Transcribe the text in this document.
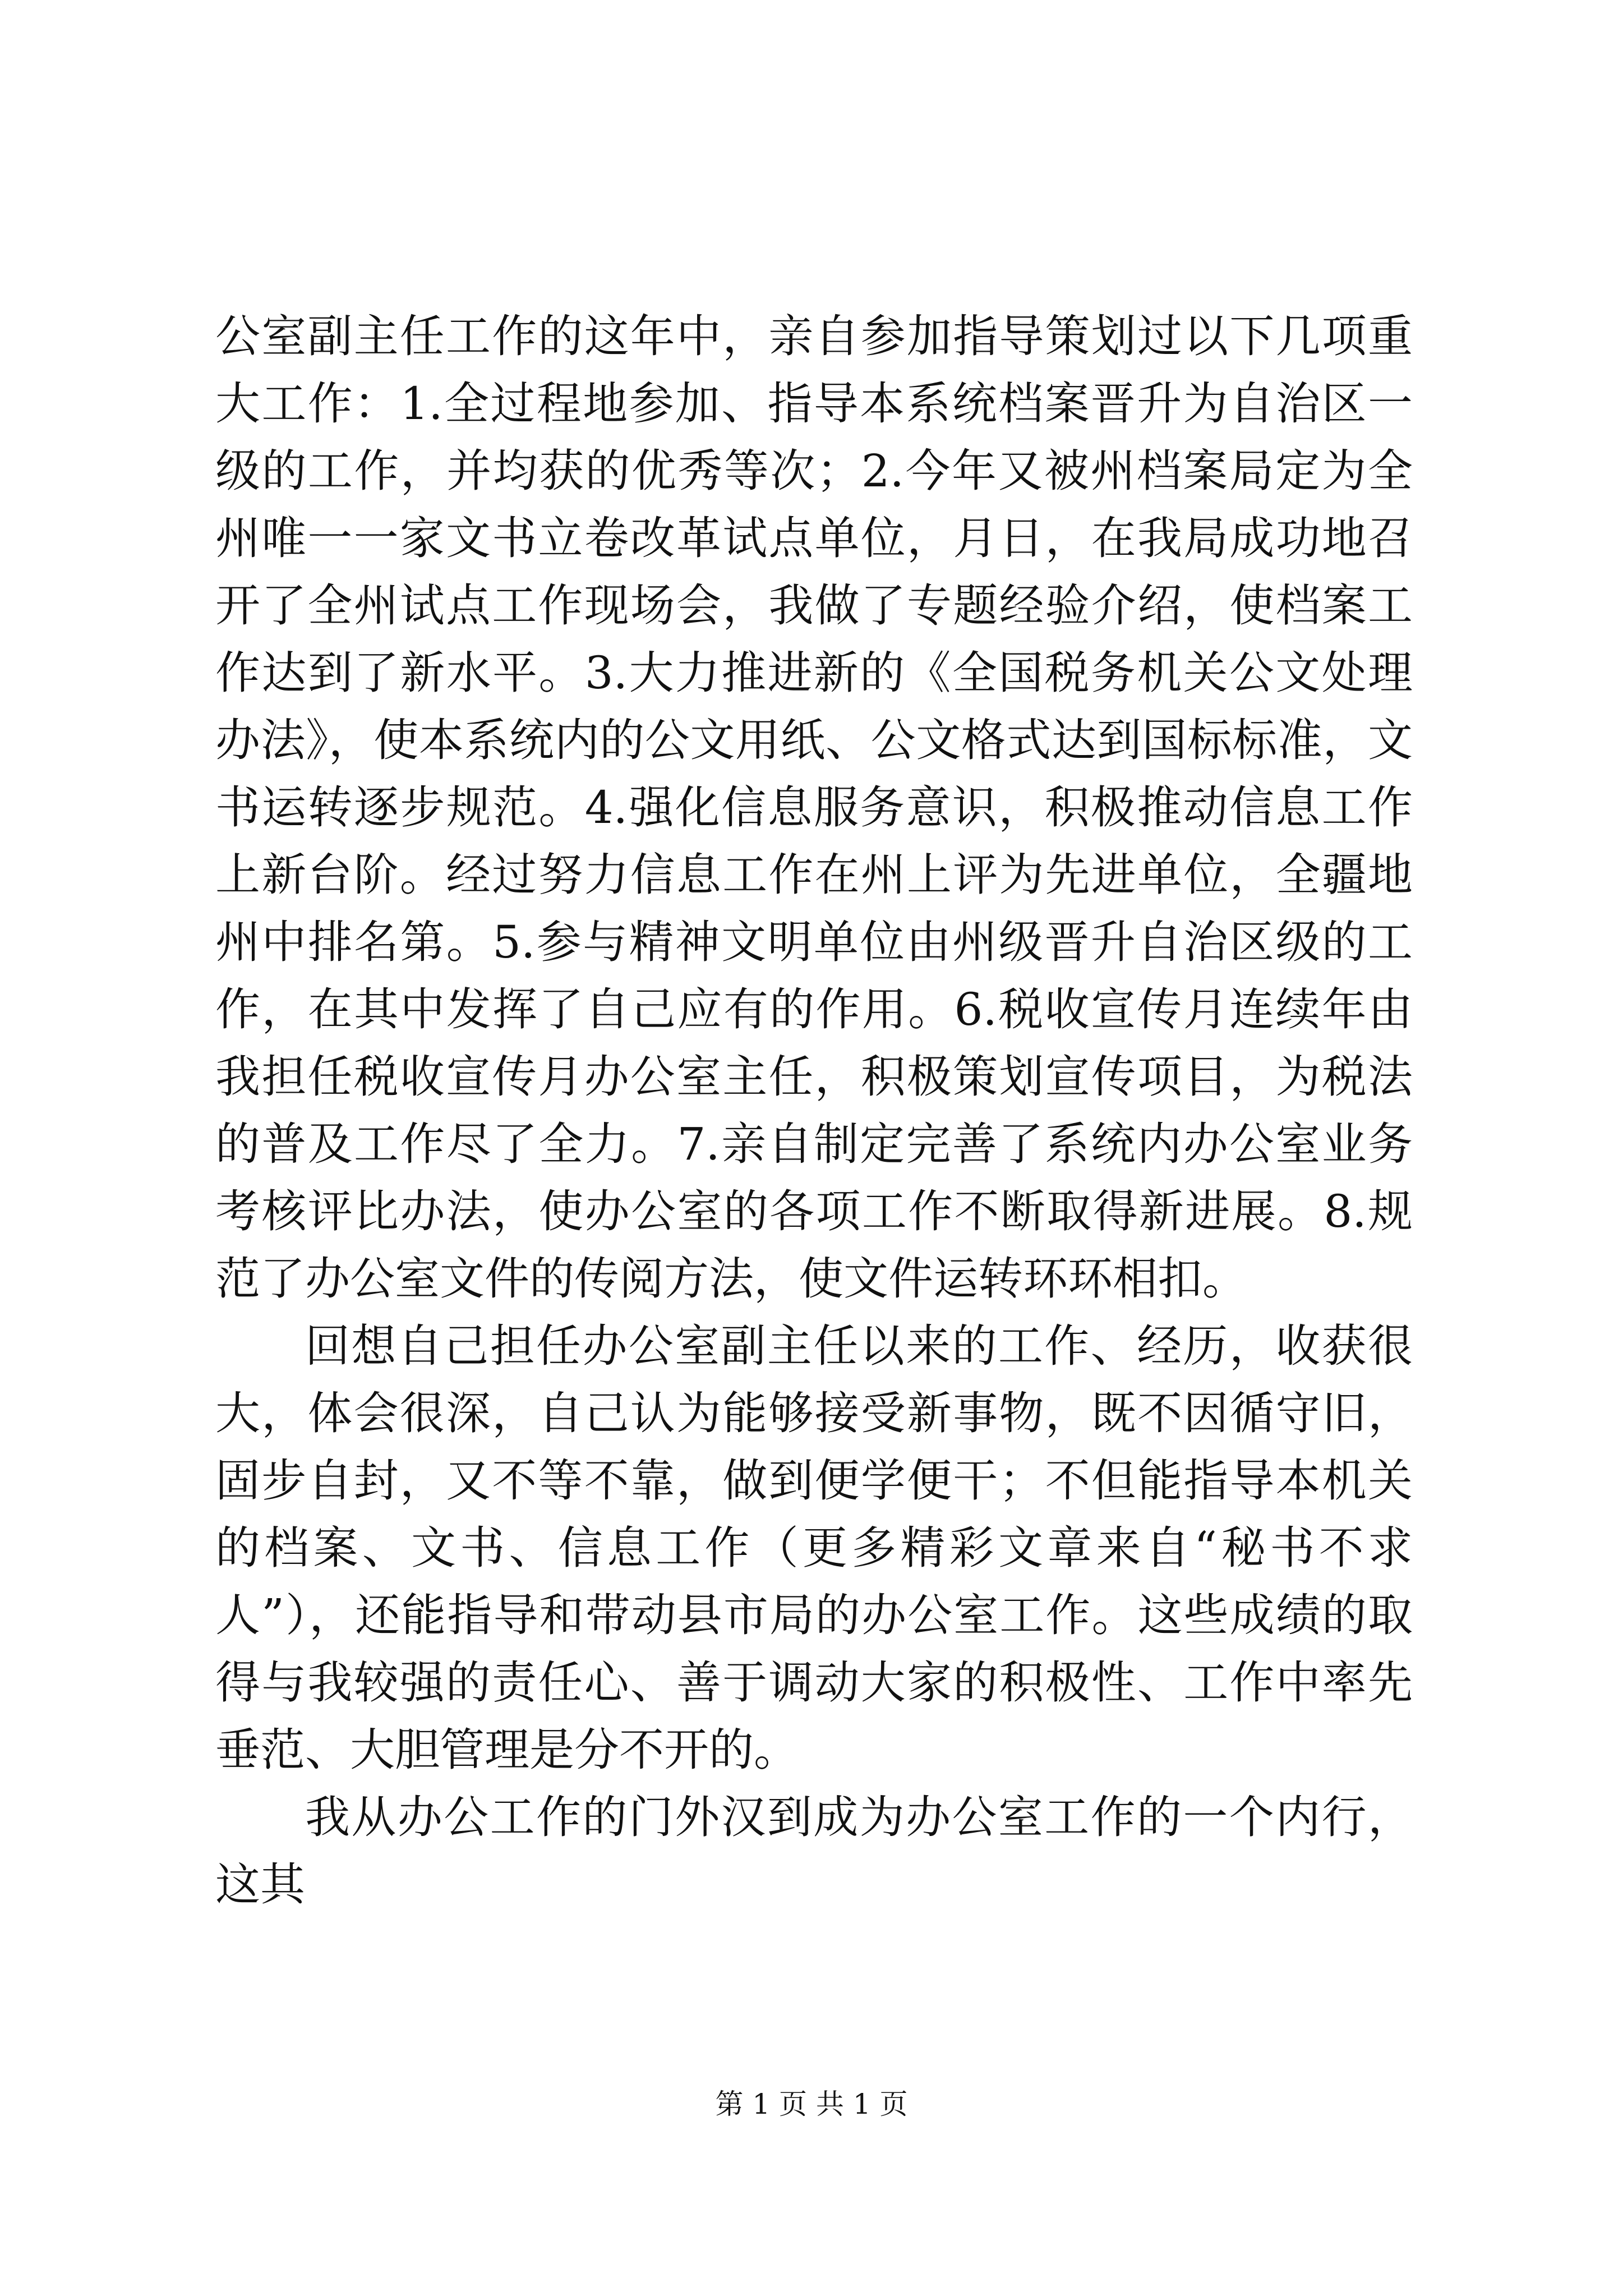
公室副主任工作的这年中，亲自参加指导策划过以下几项重大工作：1.全过程地参加、指导本系统档案晋升为自治区一级的工作，并均获的优秀等次；2.今年又被州档案局定为全州唯一一家文书立卷改革试点单位，月日，在我局成功地召开了全州试点工作现场会，我做了专题经验介绍，使档案工作达到了新水平。3.大力推进新的《全国税务机关公文处理办法》，使本系统内的公文用纸、公文格式达到国标标准，文书运转逐步规范。4.强化信息服务意识，积极推动信息工作上新台阶。经过努力信息工作在州上评为先进单位，全疆地州中排名第。5.参与精神文明单位由州级晋升自治区级的工作，在其中发挥了自己应有的作用。6.税收宣传月连续年由我担任税收宣传月办公室主任，积极策划宣传项目，为税法的普及工作尽了全力。7.亲自制定完善了系统内办公室业务考核评比办法，使办公室的各项工作不断取得新进展。8.规范了办公室文件的传阅方法，使文件运转环环相扣。

回想自己担任办公室副主任以来的工作、经历，收获很大，体会很深，自己认为能够接受新事物，既不因循守旧，固步自封，又不等不靠，做到便学便干；不但能指导本机关的档案、文书、信息工作（更多精彩文章来自“秘书不求人”），还能指导和带动县市局的办公室工作。这些成绩的取得与我较强的责任心、善于调动大家的积极性、工作中率先垂范、大胆管理是分不开的。

我从办公工作的门外汉到成为办公室工作的一个内行，这其

第 1 页 共 1 页
